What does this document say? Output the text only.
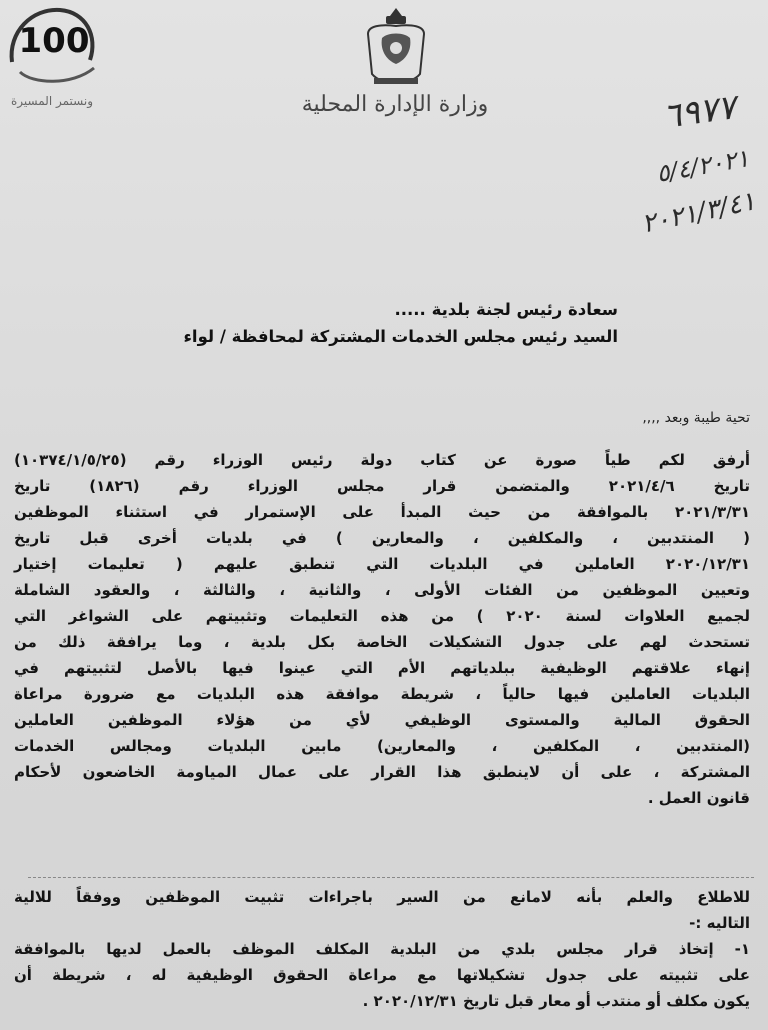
100
ونستمر المسيرة	وزارة الإدارة المحلية	٦٩٧٧
٥/٤/٢٠٢١
٢٠٢١/٣/٤١
سعادة رئيس لجنة بلدية .....
السيد رئيس مجلس الخدمات المشتركة لمحافظة / لواء
تحية طيبة وبعد ,,,,
أرفق لكم طياً صورة عن كتاب دولة رئيس الوزراء رقم (١٠٣٧٤/١/٥/٢٥)
تاريخ ٢٠٢١/٤/٦ والمتضمن قرار مجلس الوزراء رقم (١٨٢٦) تاريخ
٢٠٢١/٣/٣١ بالموافقة من حيث المبدأ على الإستمرار في استثناء الموظفين
( المنتدبين ، والمكلفين ، والمعارين ) في بلديات أخرى قبل تاريخ
٢٠٢٠/١٢/٣١ العاملين في البلديات التي تنطبق عليهم ( تعليمات إختيار
وتعيين الموظفين من الفئات الأولى ، والثانية ، والثالثة ، والعقود الشاملة
لجميع العلاوات لسنة ٢٠٢٠ ) من هذه التعليمات وتثبيتهم على الشواغر التي
تستحدث لهم على جدول التشكيلات الخاصة بكل بلدية ، وما يرافقة ذلك من
إنهاء علاقتهم الوظيفية ببلدياتهم الأم التي عينوا فيها بالأصل لتثبيتهم في
البلديات العاملين فيها حالياً ، شريطة موافقة هذه البلديات مع ضرورة مراعاة
الحقوق المالية والمستوى الوظيفي لأي من هؤلاء الموظفين العاملين
(المنتدبين ، المكلفين ، والمعارين) مابين البلديات ومجالس الخدمات
المشتركة ، على أن لاينطبق هذا القرار على عمال المياومة الخاضعون لأحكام
قانون العمل .
للاطلاع والعلم بأنه لامانع من السير باجراءات تثبيت الموظفين ووفقاً للالية
التاليه :-
١- إتخاذ قرار مجلس بلدي من البلدية المكلف الموظف بالعمل لديها بالموافقة
على تثبيته على جدول تشكيلاتها مع مراعاة الحقوق الوظيفية له ، شريطة أن
يكون مكلف أو منتدب أو معار قبل تاريخ ٢٠٢٠/١٢/٣١ .
